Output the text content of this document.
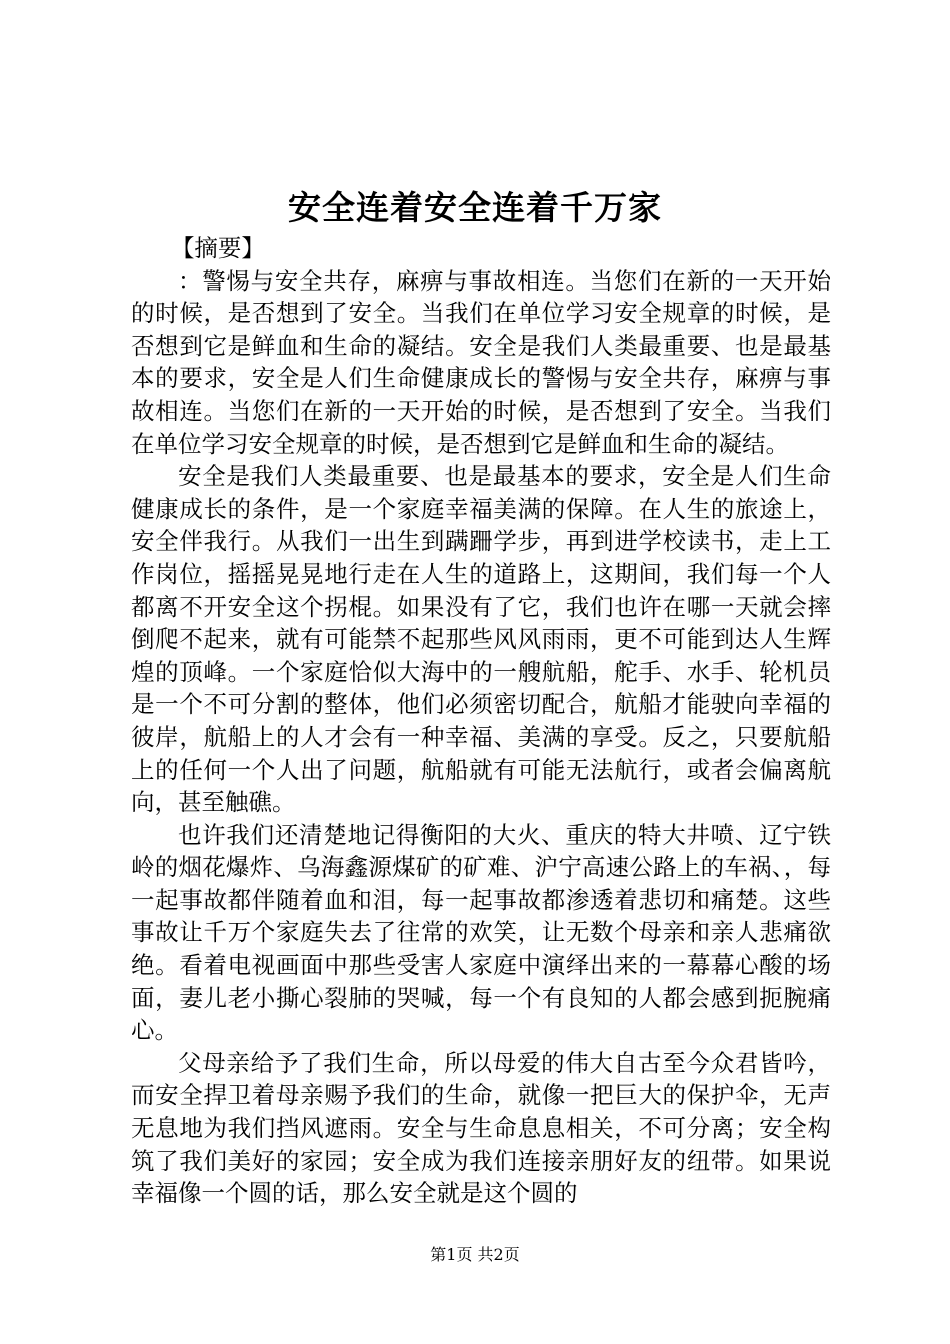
安全连着安全连着千万家

【摘要】

：警惕与安全共存，麻痹与事故相连。当您们在新的一天开始的时候，是否想到了安全。当我们在单位学习安全规章的时候，是否想到它是鲜血和生命的凝结。安全是我们人类最重要、也是最基本的要求，安全是人们生命健康成长的警惕与安全共存，麻痹与事故相连。当您们在新的一天开始的时候，是否想到了安全。当我们在单位学习安全规章的时候，是否想到它是鲜血和生命的凝结。

安全是我们人类最重要、也是最基本的要求，安全是人们生命健康成长的条件，是一个家庭幸福美满的保障。在人生的旅途上，安全伴我行。从我们一出生到蹒跚学步，再到进学校读书，走上工作岗位，摇摇晃晃地行走在人生的道路上，这期间，我们每一个人都离不开安全这个拐棍。如果没有了它，我们也许在哪一天就会摔倒爬不起来，就有可能禁不起那些风风雨雨，更不可能到达人生辉煌的顶峰。一个家庭恰似大海中的一艘航船，舵手、水手、轮机员是一个不可分割的整体，他们必须密切配合，航船才能驶向幸福的彼岸，航船上的人才会有一种幸福、美满的享受。反之，只要航船上的任何一个人出了问题，航船就有可能无法航行，或者会偏离航向，甚至触礁。

也许我们还清楚地记得衡阳的大火、重庆的特大井喷、辽宁铁岭的烟花爆炸、乌海鑫源煤矿的矿难、沪宁高速公路上的车祸、，每一起事故都伴随着血和泪，每一起事故都渗透着悲切和痛楚。这些事故让千万个家庭失去了往常的欢笑，让无数个母亲和亲人悲痛欲绝。看着电视画面中那些受害人家庭中演绎出来的一幕幕心酸的场面，妻儿老小撕心裂肺的哭喊，每一个有良知的人都会感到扼腕痛心。

父母亲给予了我们生命，所以母爱的伟大自古至今众君皆吟，而安全捍卫着母亲赐予我们的生命，就像一把巨大的保护伞，无声无息地为我们挡风遮雨。安全与生命息息相关，不可分离；安全构筑了我们美好的家园；安全成为我们连接亲朋好友的纽带。如果说幸福像一个圆的话，那么安全就是这个圆的

第1页 共2页
